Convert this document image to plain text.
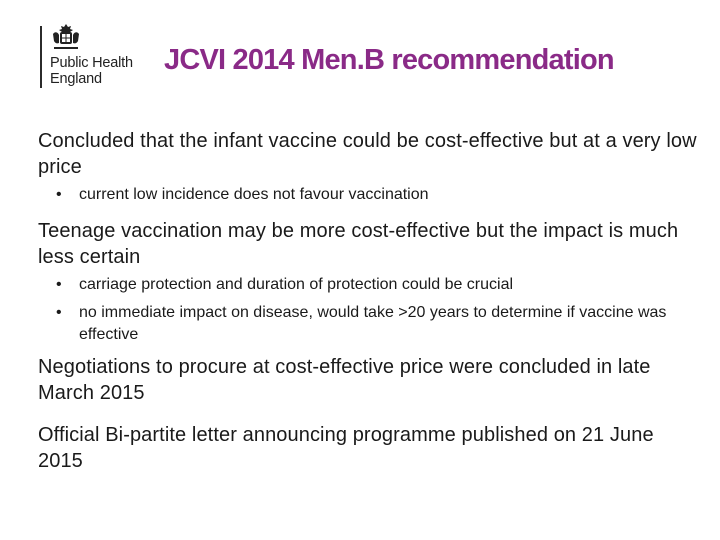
Public Health
England
JCVI 2014 Men.B recommendation

Concluded that the infant vaccine could be cost-effective but at a very low price

• current low incidence does not favour vaccination

Teenage vaccination may be more cost-effective but the impact is much less certain

• carriage protection and duration of protection could be crucial
• no immediate impact on disease, would take >20 years to determine if vaccine was effective

Negotiations to procure at cost-effective price were concluded in late March 2015

Official Bi-partite letter announcing programme published on 21 June 2015
